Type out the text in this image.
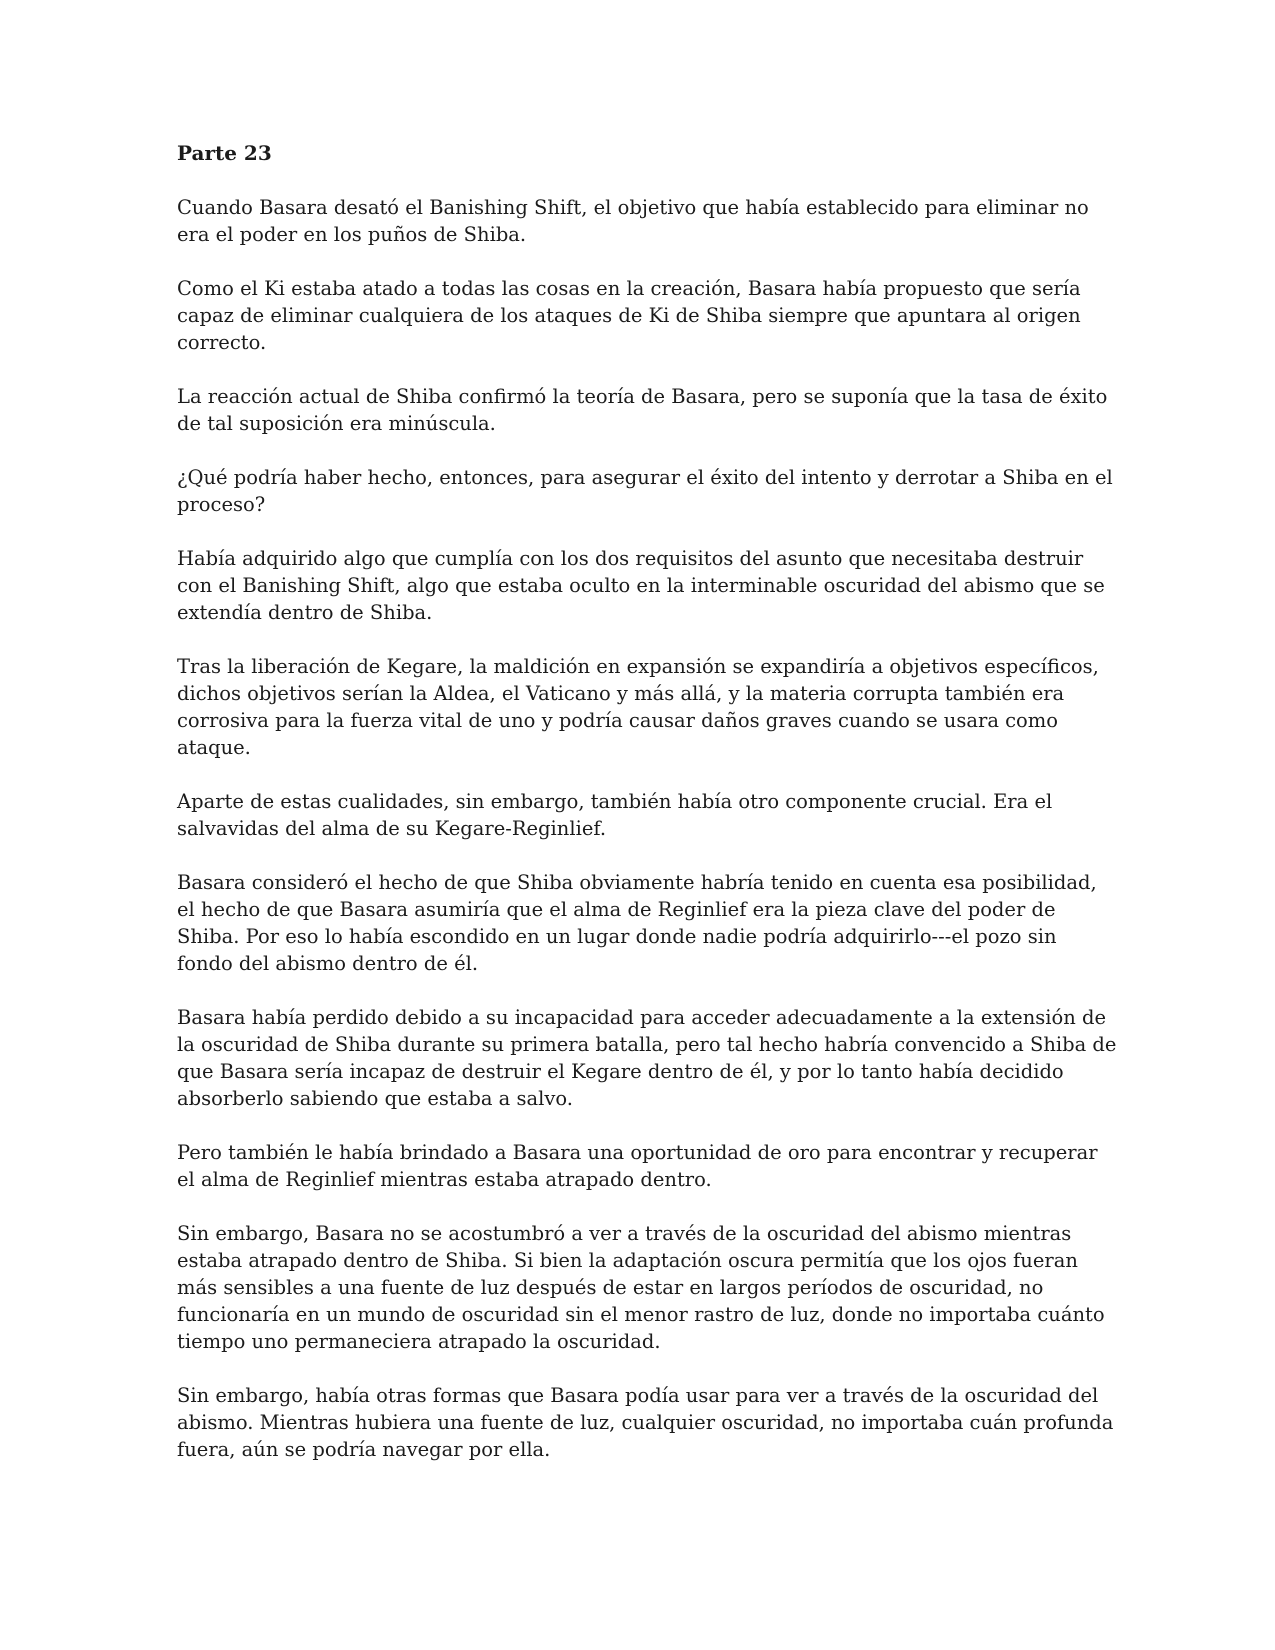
Parte 23

Cuando Basara desató el Banishing Shift, el objetivo que había establecido para eliminar no era el poder en los puños de Shiba.

Como el Ki estaba atado a todas las cosas en la creación, Basara había propuesto que sería capaz de eliminar cualquiera de los ataques de Ki de Shiba siempre que apuntara al origen correcto.

La reacción actual de Shiba confirmó la teoría de Basara, pero se suponía que la tasa de éxito de tal suposición era minúscula.

¿Qué podría haber hecho, entonces, para asegurar el éxito del intento y derrotar a Shiba en el proceso?

Había adquirido algo que cumplía con los dos requisitos del asunto que necesitaba destruir con el Banishing Shift, algo que estaba oculto en la interminable oscuridad del abismo que se extendía dentro de Shiba.

Tras la liberación de Kegare, la maldición en expansión se expandiría a objetivos específicos, dichos objetivos serían la Aldea, el Vaticano y más allá, y la materia corrupta también era corrosiva para la fuerza vital de uno y podría causar daños graves cuando se usara como ataque.

Aparte de estas cualidades, sin embargo, también había otro componente crucial. Era el salvavidas del alma de su Kegare-Reginlief.

Basara consideró el hecho de que Shiba obviamente habría tenido en cuenta esa posibilidad, el hecho de que Basara asumiría que el alma de Reginlief era la pieza clave del poder de Shiba. Por eso lo había escondido en un lugar donde nadie podría adquirirlo---el pozo sin fondo del abismo dentro de él.

Basara había perdido debido a su incapacidad para acceder adecuadamente a la extensión de la oscuridad de Shiba durante su primera batalla, pero tal hecho habría convencido a Shiba de que Basara sería incapaz de destruir el Kegare dentro de él, y por lo tanto había decidido absorberlo sabiendo que estaba a salvo.

Pero también le había brindado a Basara una oportunidad de oro para encontrar y recuperar el alma de Reginlief mientras estaba atrapado dentro.

Sin embargo, Basara no se acostumbró a ver a través de la oscuridad del abismo mientras estaba atrapado dentro de Shiba. Si bien la adaptación oscura permitía que los ojos fueran más sensibles a una fuente de luz después de estar en largos períodos de oscuridad, no funcionaría en un mundo de oscuridad sin el menor rastro de luz, donde no importaba cuánto tiempo uno permaneciera atrapado la oscuridad.

Sin embargo, había otras formas que Basara podía usar para ver a través de la oscuridad del abismo. Mientras hubiera una fuente de luz, cualquier oscuridad, no importaba cuán profunda fuera, aún se podría navegar por ella.
